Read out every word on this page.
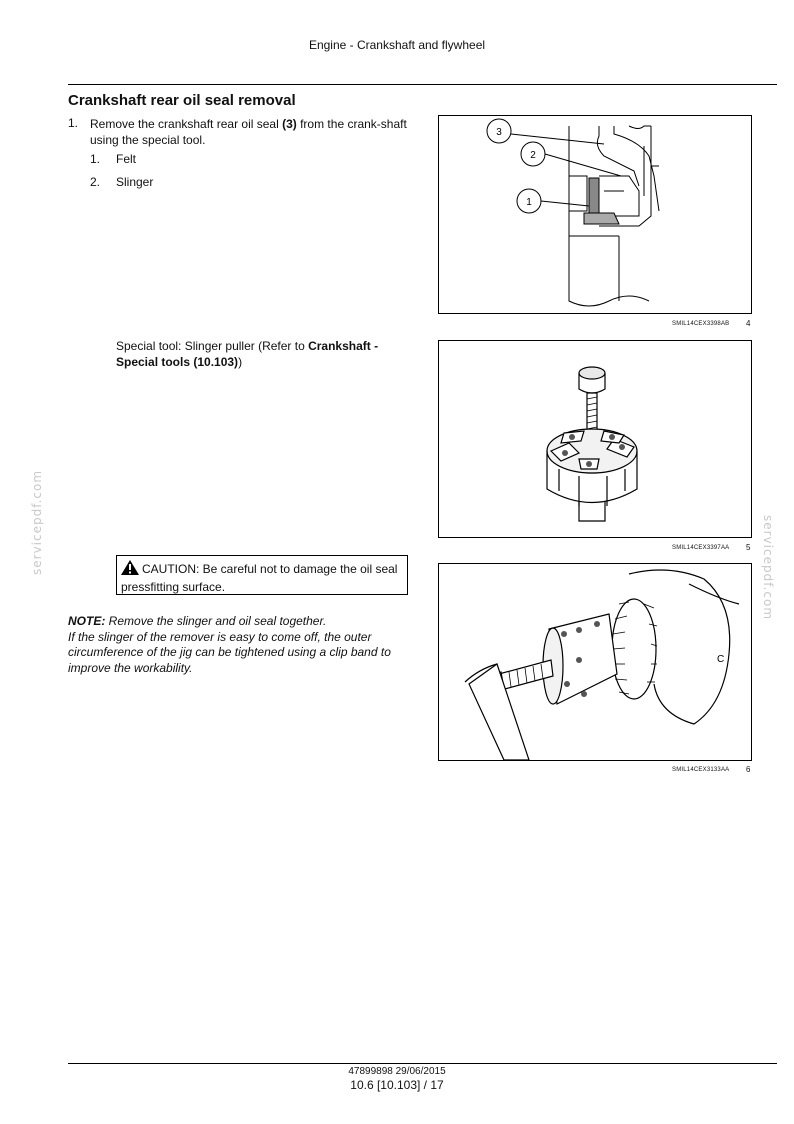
Engine - Crankshaft and flywheel
Crankshaft rear oil seal removal
1. Remove the crankshaft rear oil seal (3) from the crank-shaft using the special tool.
1. Felt
2. Slinger
3
2
1
SMIL14CEX3398AB 4
Special tool: Slinger puller (Refer to Crankshaft - Special tools (10.103))
SMIL14CEX3397AA 5
CAUTION: Be careful not to damage the oil seal pressfitting surface.
NOTE: Remove the slinger and oil seal together.
If the slinger of the remover is easy to come off, the outer circumference of the jig can be tightened using a clip band to improve the workability.
C
SMIL14CEX3133AA 6
servicepdf.com	servicepdf.com
47899898 29/06/2015
10.6 [10.103] / 17
